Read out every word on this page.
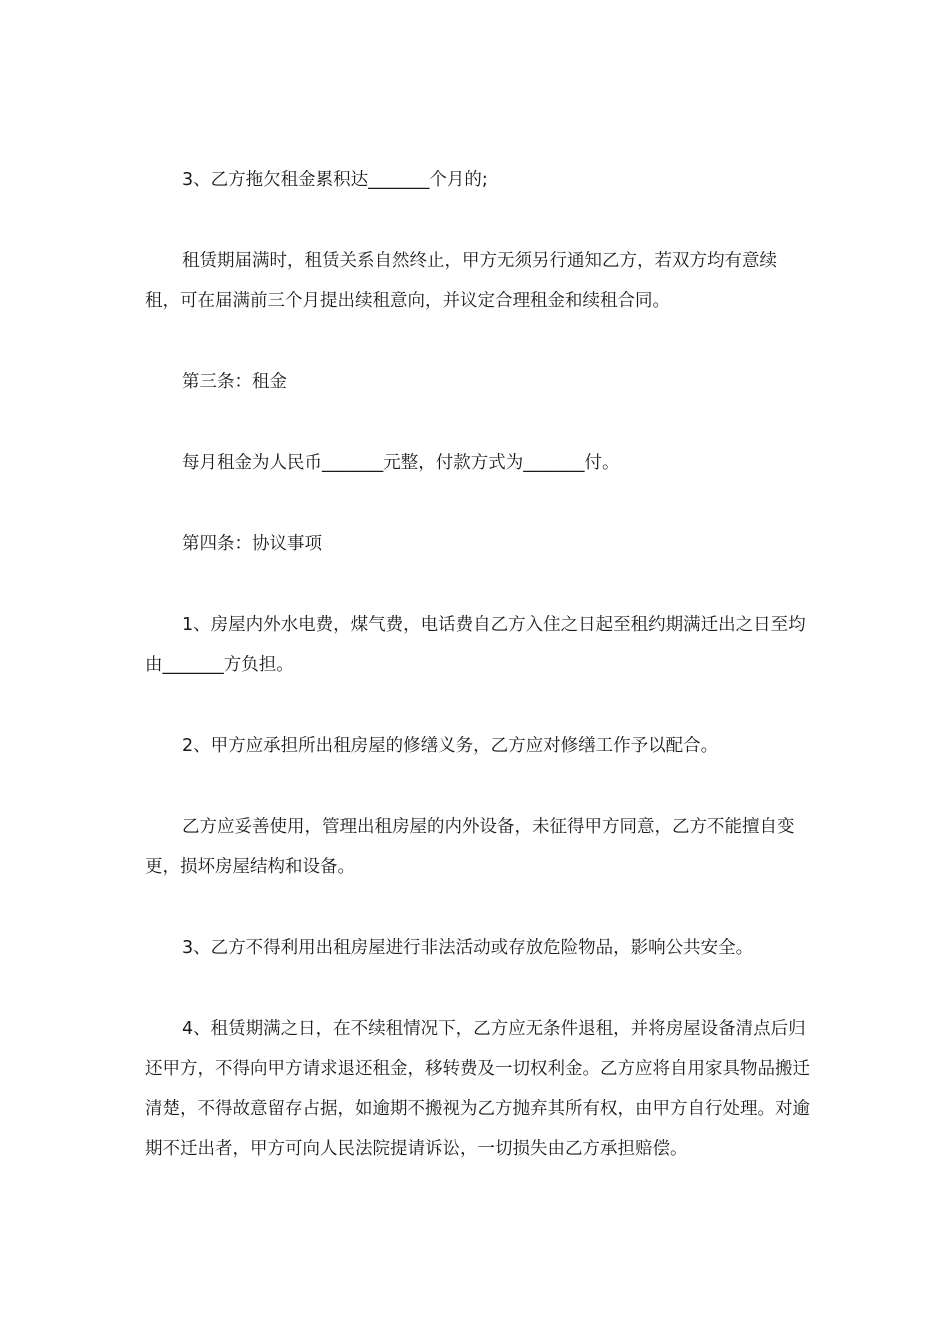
3、乙方拖欠租金累积达_______个月的;

租赁期届满时，租赁关系自然终止，甲方无须另行通知乙方，若双方均有意续租，可在届满前三个月提出续租意向，并议定合理租金和续租合同。

第三条：租金

每月租金为人民币_______元整，付款方式为_______付。

第四条：协议事项

1、房屋内外水电费，煤气费，电话费自乙方入住之日起至租约期满迁出之日至均由_______方负担。

2、甲方应承担所出租房屋的修缮义务，乙方应对修缮工作予以配合。

乙方应妥善使用，管理出租房屋的内外设备，未征得甲方同意，乙方不能擅自变更，损坏房屋结构和设备。

3、乙方不得利用出租房屋进行非法活动或存放危险物品，影响公共安全。

4、租赁期满之日，在不续租情况下，乙方应无条件退租，并将房屋设备清点后归还甲方，不得向甲方请求退还租金，移转费及一切权利金。乙方应将自用家具物品搬迁清楚，不得故意留存占据，如逾期不搬视为乙方抛弃其所有权，由甲方自行处理。对逾期不迁出者，甲方可向人民法院提请诉讼，一切损失由乙方承担赔偿。
